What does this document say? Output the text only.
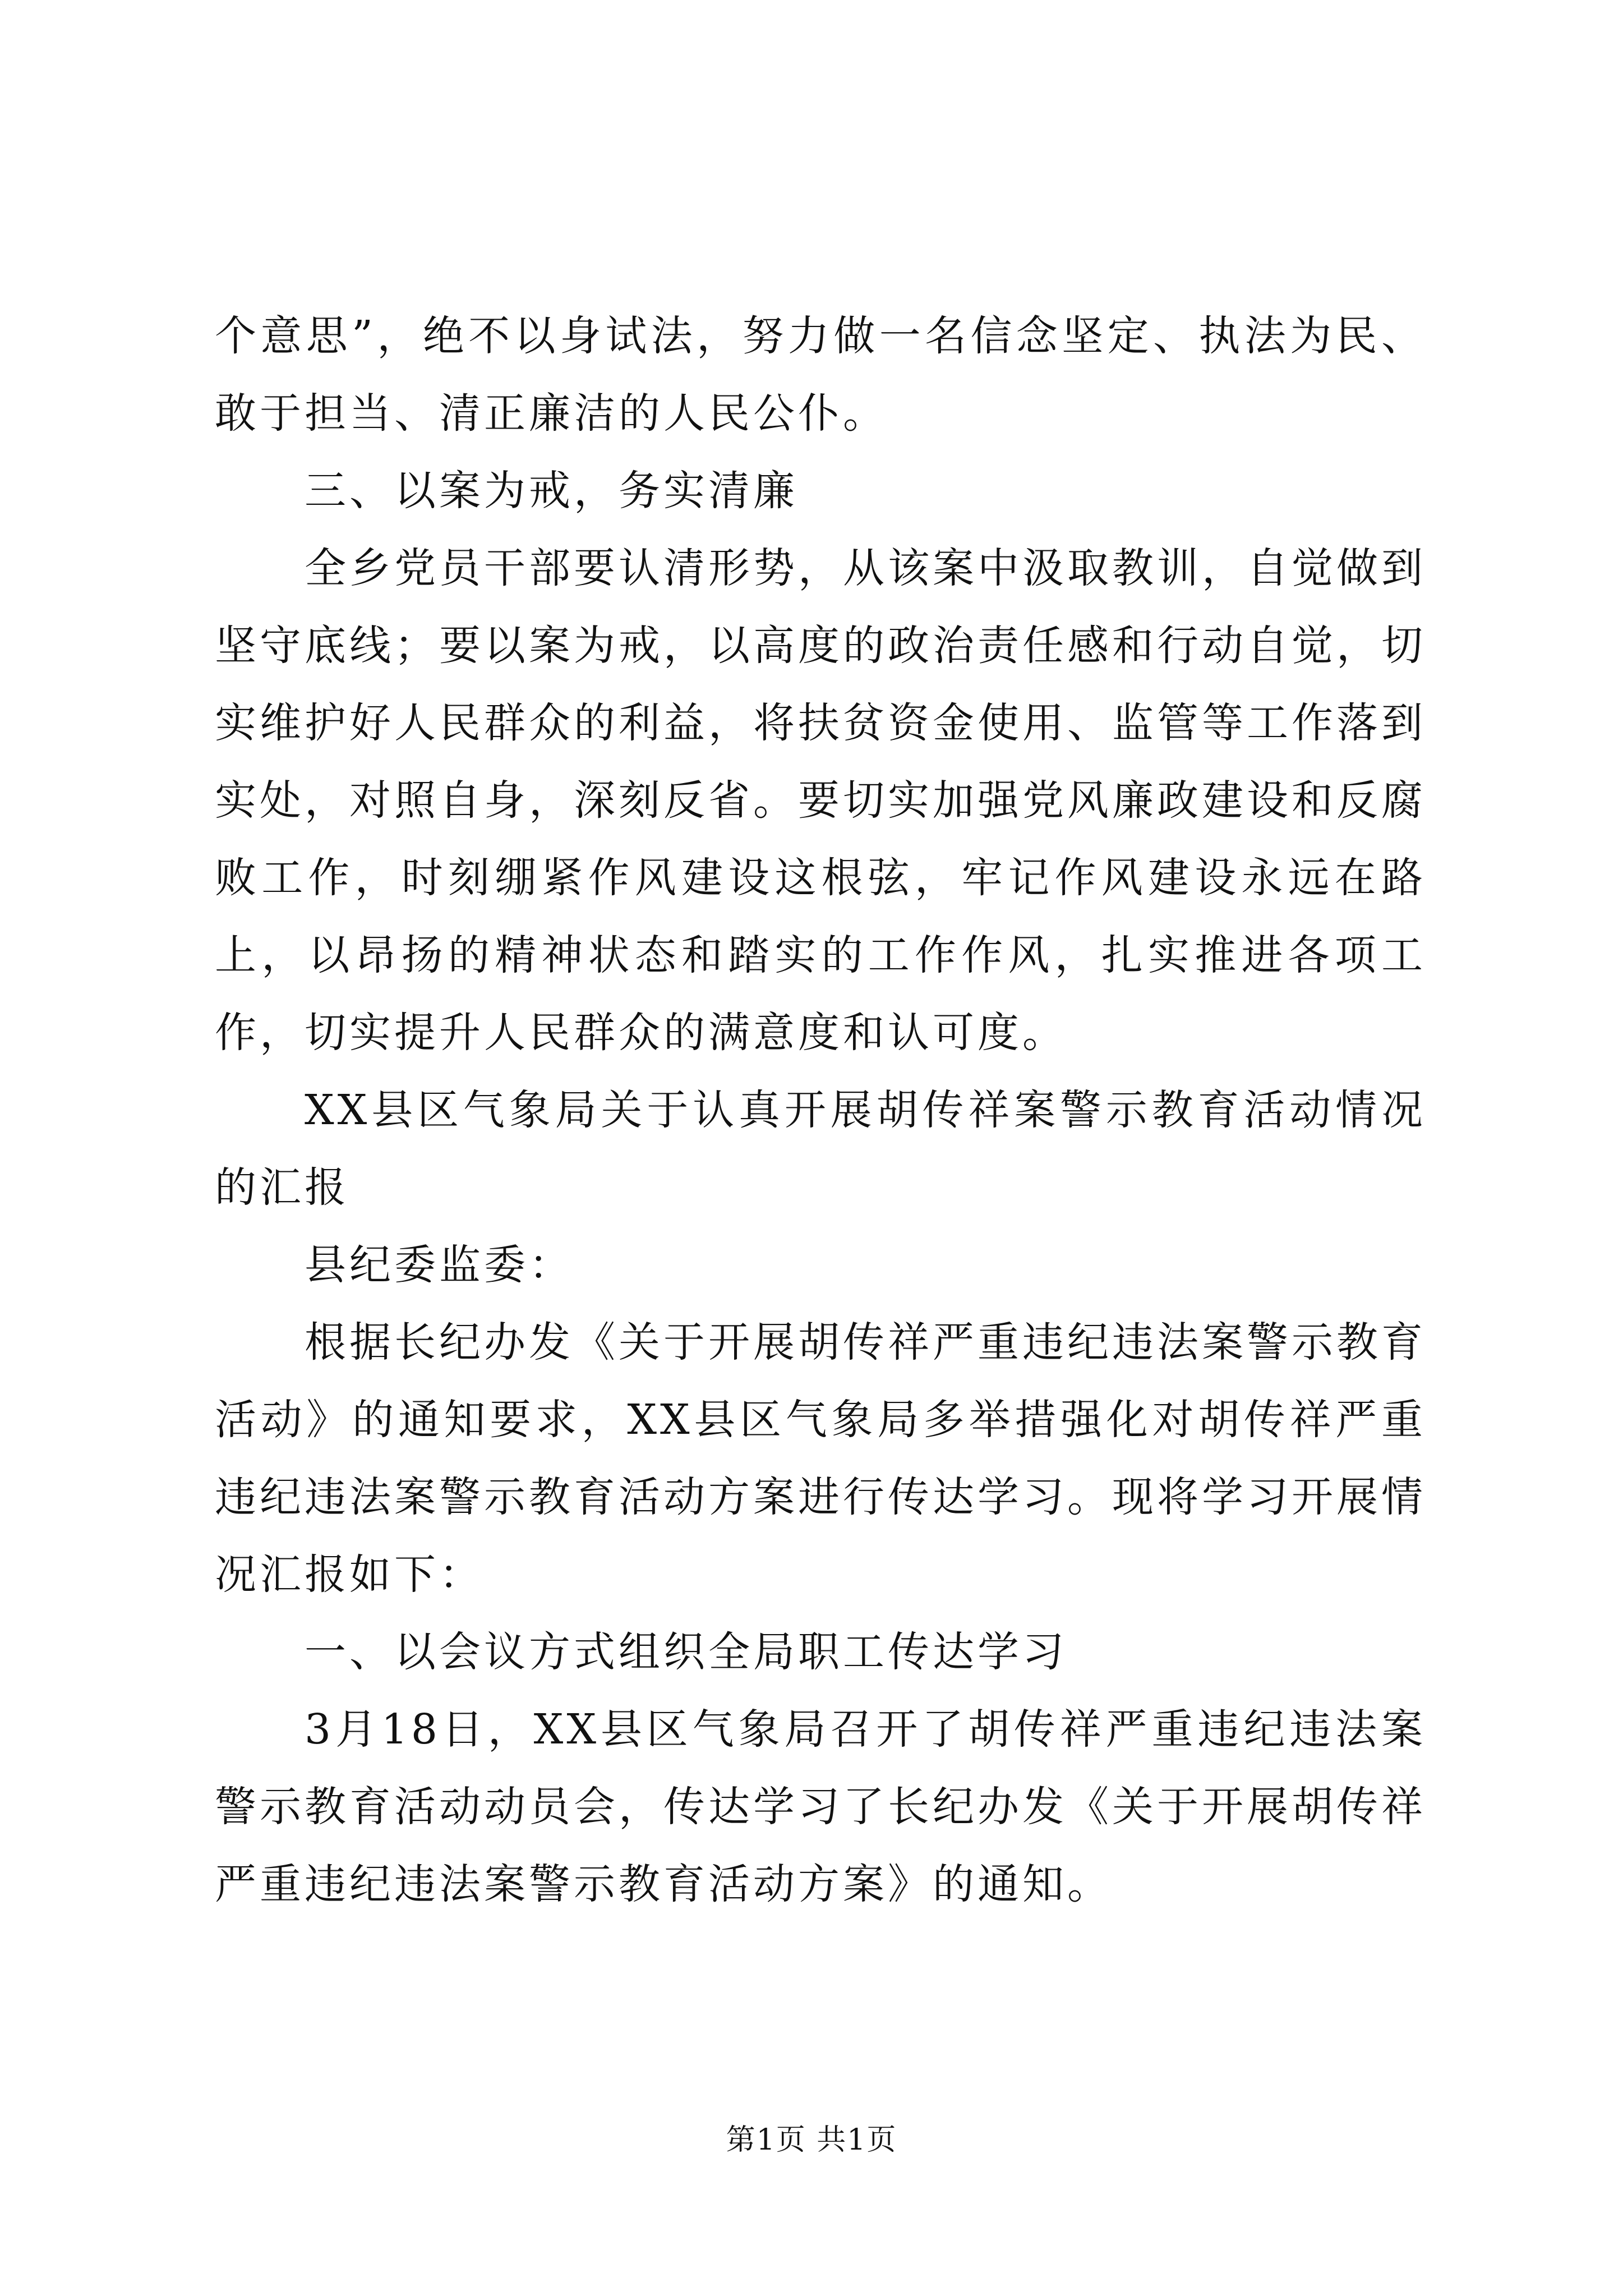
个意思”，绝不以身试法，努力做一名信念坚定、执法为民、敢于担当、清正廉洁的人民公仆。

三、以案为戒，务实清廉

全乡党员干部要认清形势，从该案中汲取教训，自觉做到坚守底线；要以案为戒，以高度的政治责任感和行动自觉，切实维护好人民群众的利益，将扶贫资金使用、监管等工作落到实处，对照自身，深刻反省。要切实加强党风廉政建设和反腐败工作，时刻绷紧作风建设这根弦，牢记作风建设永远在路上，以昂扬的精神状态和踏实的工作作风，扎实推进各项工作，切实提升人民群众的满意度和认可度。

XX县区气象局关于认真开展胡传祥案警示教育活动情况的汇报

县纪委监委：

根据长纪办发《关于开展胡传祥严重违纪违法案警示教育活动》的通知要求，XX县区气象局多举措强化对胡传祥严重违纪违法案警示教育活动方案进行传达学习。现将学习开展情况汇报如下：

一、以会议方式组织全局职工传达学习

3月18日，XX县区气象局召开了胡传祥严重违纪违法案警示教育活动动员会，传达学习了长纪办发《关于开展胡传祥严重违纪违法案警示教育活动方案》的通知。

第1页 共1页
